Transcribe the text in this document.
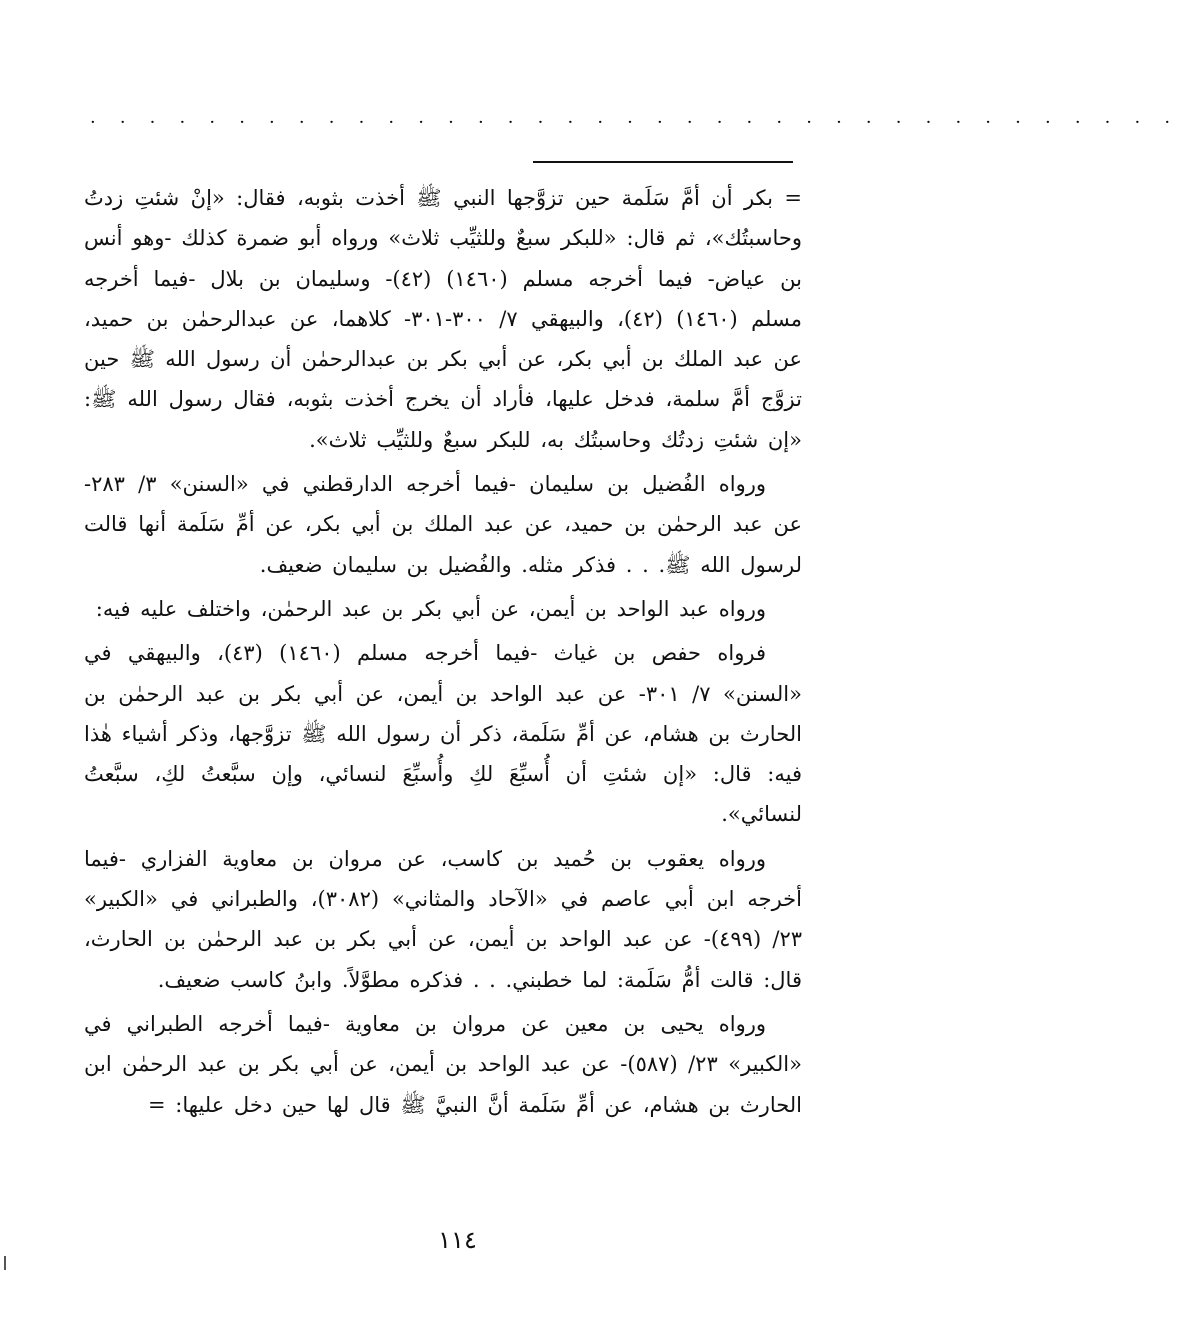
· · · · · · · · · · · · · · · · · · · · · · · · · · · · · · · · · · · · ·

= بكر أن أمَّ سَلَمة حين تزوَّجها النبي ﷺ أخذت بثوبه، فقال: «إنْ شئتِ زدتُ وحاسبتُك»، ثم قال: «للبكر سبعٌ وللثيِّب ثلاث» ورواه أبو ضمرة كذلك -وهو أنس بن عياض- فيما أخرجه مسلم (١٤٦٠) (٤٢)- وسليمان بن بلال -فيما أخرجه مسلم (١٤٦٠) (٤٢)، والبيهقي ٧/ ٣٠٠-٣٠١- كلاهما، عن عبدالرحمٰن بن حميد، عن عبد الملك بن أبي بكر، عن أبي بكر بن عبدالرحمٰن أن رسول الله ﷺ حين تزوَّج أمَّ سلمة، فدخل عليها، فأراد أن يخرج أخذت بثوبه، فقال رسول الله ﷺ: «إن شئتِ زدتُك وحاسبتُك به، للبكر سبعٌ وللثيِّب ثلاث».

ورواه الفُضيل بن سليمان -فيما أخرجه الدارقطني في «السنن» ٣/ ٢٨٣- عن عبد الرحمٰن بن حميد، عن عبد الملك بن أبي بكر، عن أمِّ سَلَمة أنها قالت لرسول الله ﷺ. . . فذكر مثله. والفُضيل بن سليمان ضعيف.

ورواه عبد الواحد بن أيمن، عن أبي بكر بن عبد الرحمٰن، واختلف عليه فيه:

فرواه حفص بن غياث -فيما أخرجه مسلم (١٤٦٠) (٤٣)، والبيهقي في «السنن» ٧/ ٣٠١- عن عبد الواحد بن أيمن، عن أبي بكر بن عبد الرحمٰن بن الحارث بن هشام، عن أمِّ سَلَمة، ذكر أن رسول الله ﷺ تزوَّجها، وذكر أشياء هٰذا فيه: قال: «إن شئتِ أن أُسبِّعَ لكِ وأُسبِّعَ لنسائي، وإن سبَّعتُ لكِ، سبَّعتُ لنسائي».

ورواه يعقوب بن حُميد بن كاسب، عن مروان بن معاوية الفزاري -فيما أخرجه ابن أبي عاصم في «الآحاد والمثاني» (٣٠٨٢)، والطبراني في «الكبير» ٢٣/ (٤٩٩)- عن عبد الواحد بن أيمن، عن أبي بكر بن عبد الرحمٰن بن الحارث، قال: قالت أمُّ سَلَمة: لما خطبني. . . فذكره مطوَّلاً. وابنُ كاسب ضعيف.

ورواه يحيى بن معين عن مروان بن معاوية -فيما أخرجه الطبراني في «الكبير» ٢٣/ (٥٨٧)- عن عبد الواحد بن أيمن، عن أبي بكر بن عبد الرحمٰن ابن الحارث بن هشام، عن أمِّ سَلَمة أنَّ النبيَّ ﷺ قال لها حين دخل عليها: =

١١٤
